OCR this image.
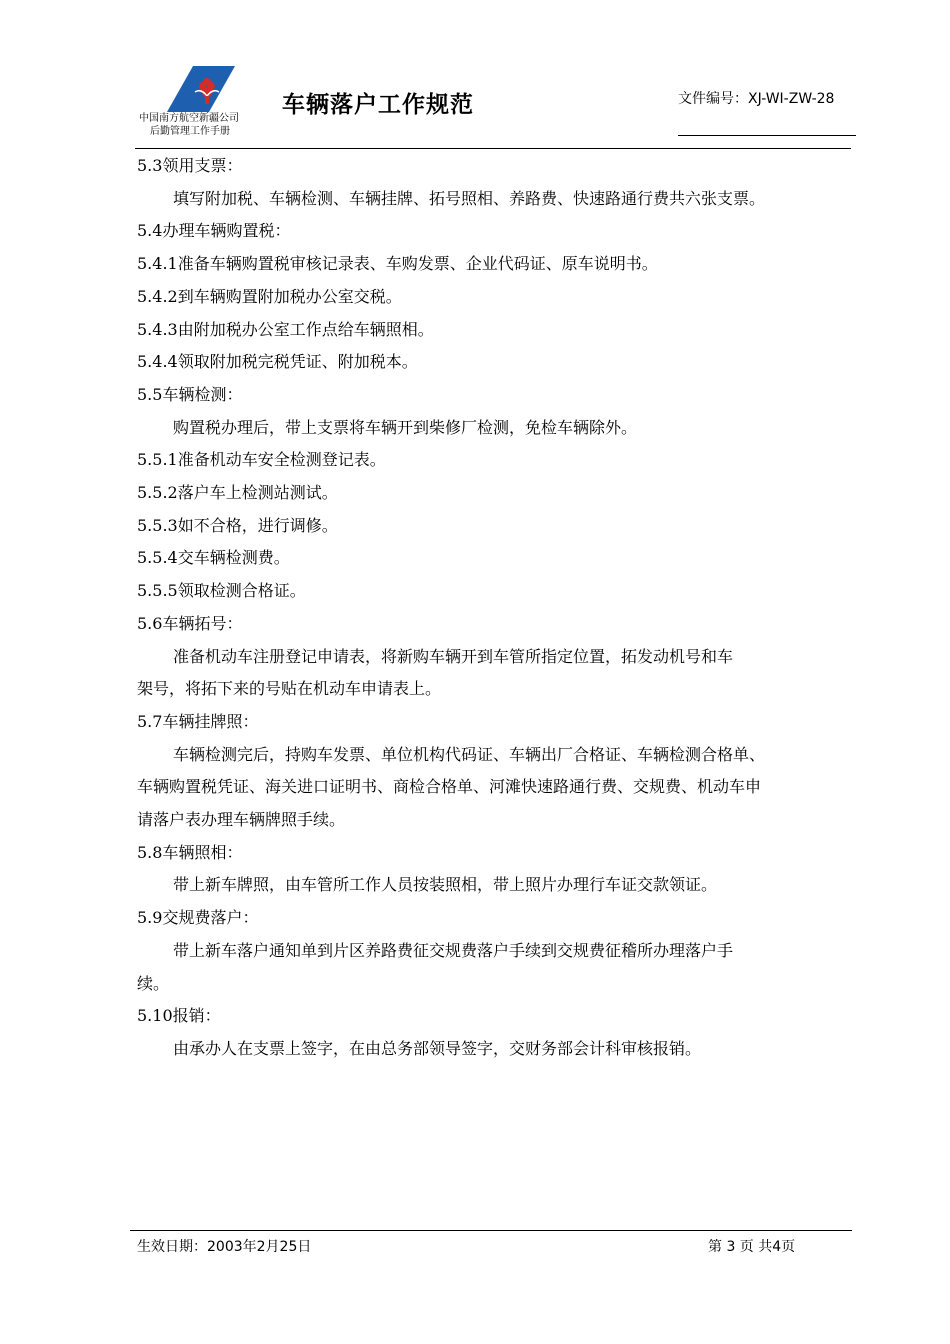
中国南方航空新疆公司
后勤管理工作手册
车辆落户工作规范	文件编号：XJ-WI-ZW-28

5.3领用支票：

填写附加税、车辆检测、车辆挂牌、拓号照相、养路费、快速路通行费共六张支票。

5.4办理车辆购置税：

5.4.1准备车辆购置税审核记录表、车购发票、企业代码证、原车说明书。

5.4.2到车辆购置附加税办公室交税。

5.4.3由附加税办公室工作点给车辆照相。

5.4.4领取附加税完税凭证、附加税本。

5.5车辆检测：

购置税办理后，带上支票将车辆开到柴修厂检测，免检车辆除外。

5.5.1准备机动车安全检测登记表。

5.5.2落户车上检测站测试。

5.5.3如不合格，进行调修。

5.5.4交车辆检测费。

5.5.5领取检测合格证。

5.6车辆拓号：

准备机动车注册登记申请表，将新购车辆开到车管所指定位置，拓发动机号和车

架号，将拓下来的号贴在机动车申请表上。

5.7车辆挂牌照：

车辆检测完后，持购车发票、单位机构代码证、车辆出厂合格证、车辆检测合格单、

车辆购置税凭证、海关进口证明书、商检合格单、河滩快速路通行费、交规费、机动车申

请落户表办理车辆牌照手续。

5.8车辆照相：

带上新车牌照，由车管所工作人员按装照相，带上照片办理行车证交款领证。

5.9交规费落户：

带上新车落户通知单到片区养路费征交规费落户手续到交规费征稽所办理落户手

续。

5.10报销：

由承办人在支票上签字，在由总务部领导签字，交财务部会计科审核报销。

生效日期：2003年2月25日	第 3 页 共4页
